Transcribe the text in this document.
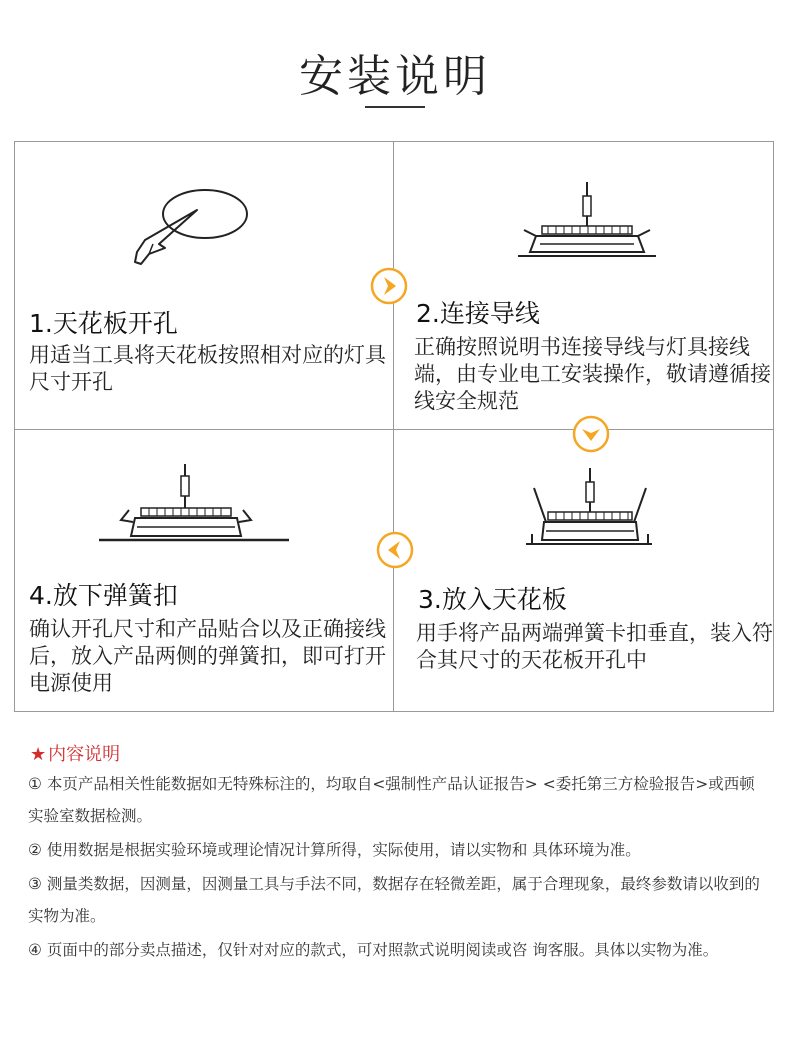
安装说明
1.天花板开孔
用适当工具将天花板按照相对应的灯具尺寸开孔
2.连接导线
正确按照说明书连接导线与灯具接线端，由专业电工安装操作，敬请遵循接线安全规范
4.放下弹簧扣
确认开孔尺寸和产品贴合以及正确接线后，放入产品两侧的弹簧扣，即可打开电源使用
3.放入天花板
用手将产品两端弹簧卡扣垂直，装入符合其尺寸的天花板开孔中
★ 内容说明
① 本页产品相关性能数据如无特殊标注的，均取自<强制性产品认证报告> <委托第三方检验报告>或西顿实验室数据检测。
② 使用数据是根据实验环境或理论情况计算所得，实际使用，请以实物和 具体环境为准。
③ 测量类数据，因测量，因测量工具与手法不同，数据存在轻微差距，属于合理现象，最终参数请以收到的实物为准。
④ 页面中的部分卖点描述，仅针对对应的款式，可对照款式说明阅读或咨 询客服。具体以实物为准。
